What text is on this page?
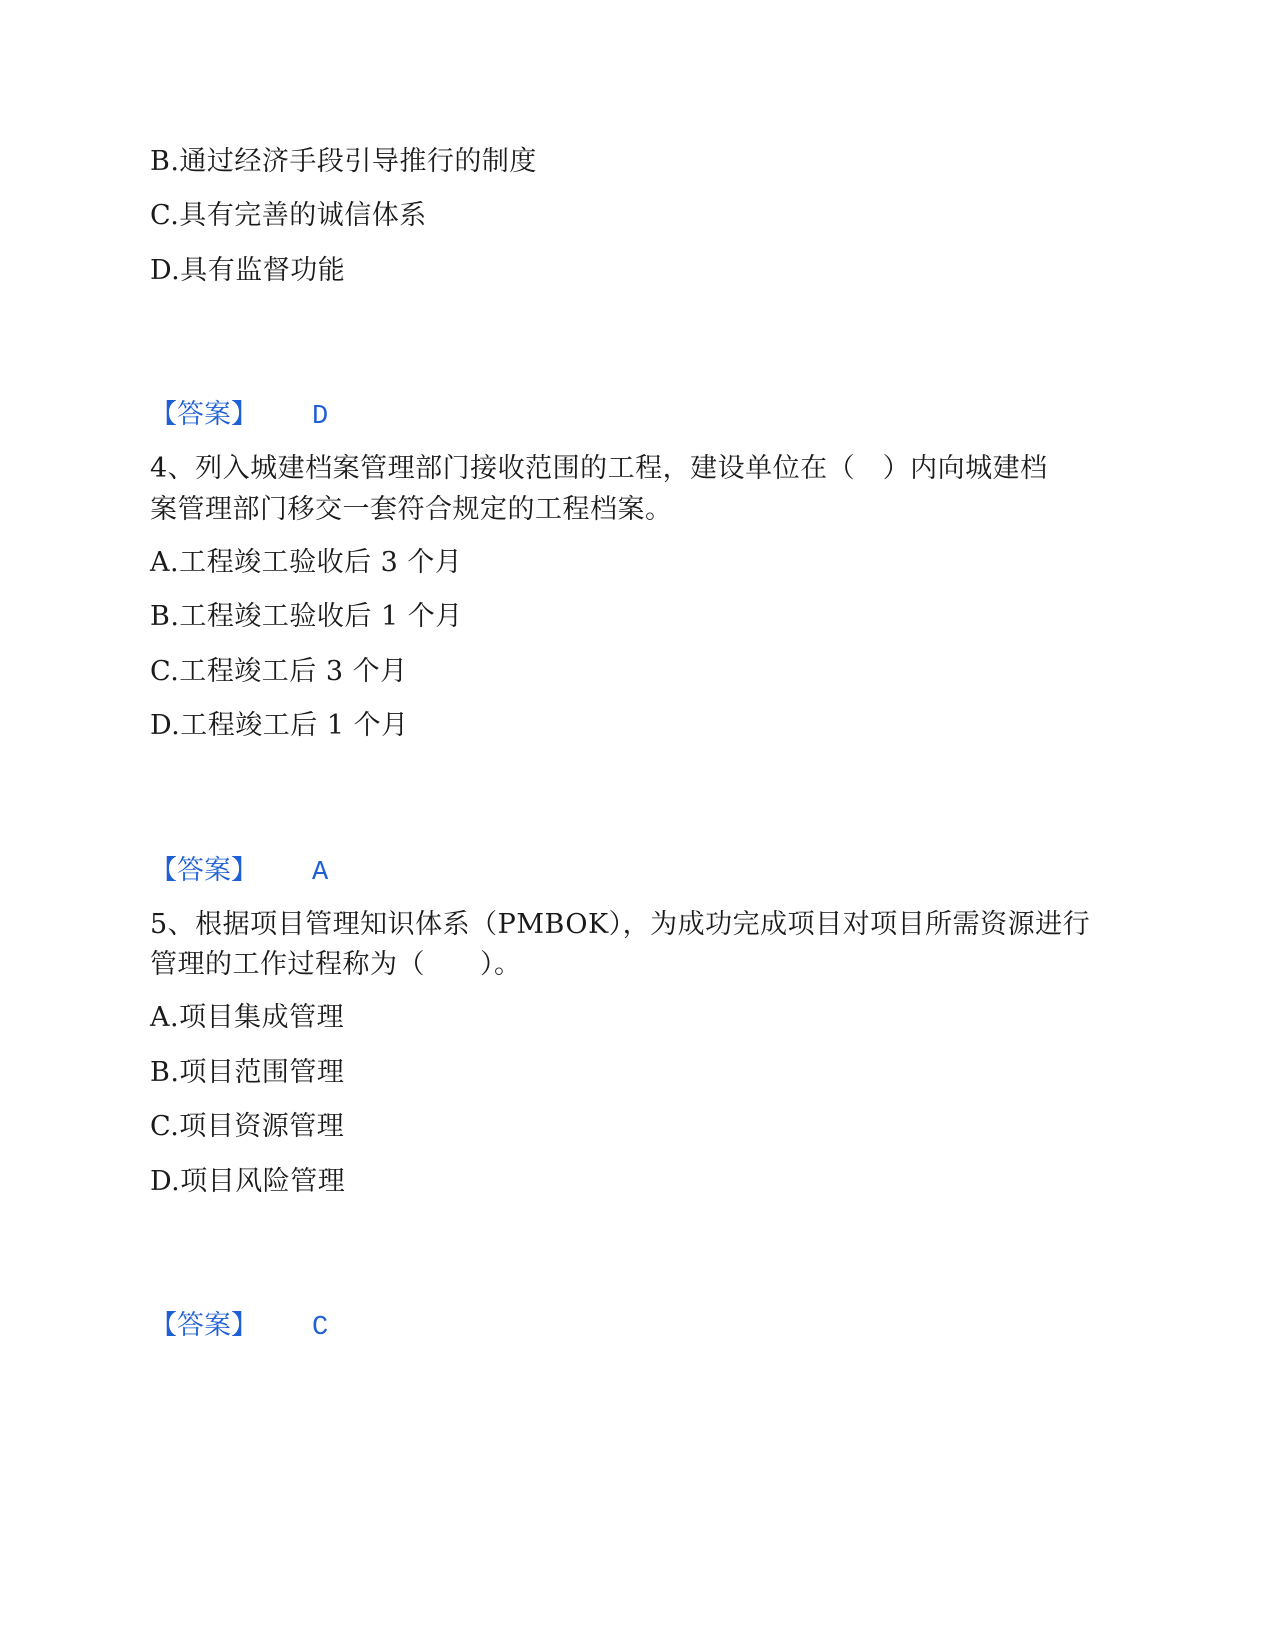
B.通过经济手段引导推行的制度
C.具有完善的诚信体系
D.具有监督功能
【答案】 D
4、列入城建档案管理部门接收范围的工程，建设单位在（　）内向城建档
案管理部门移交一套符合规定的工程档案。
A.工程竣工验收后 3 个月
B.工程竣工验收后 1 个月
C.工程竣工后 3 个月
D.工程竣工后 1 个月
【答案】 A
5、根据项目管理知识体系（PMBOK），为成功完成项目对项目所需资源进行
管理的工作过程称为（　　）。
A.项目集成管理
B.项目范围管理
C.项目资源管理
D.项目风险管理
【答案】 C
